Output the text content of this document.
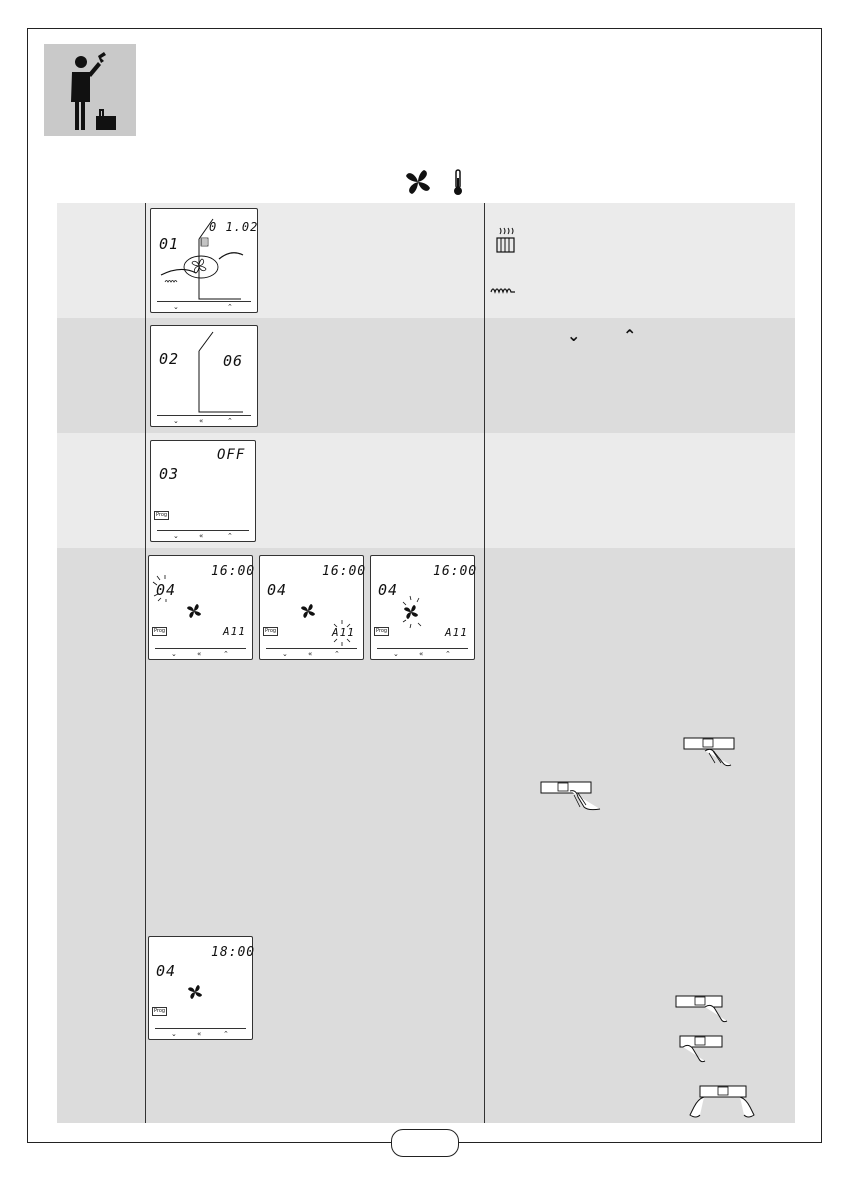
01
0 1.02
⌄	⌃
02	06
⌄	«	⌃
03
OFF
Prog
⌄	«	⌃
04
16:00
A11
Prog
⌄	«	⌃
04
16:00
A11
Prog
⌄	«	⌃
04
16:00
A11
Prog
⌄	«	⌃
04
18:00
Prog
⌄	«	⌃
⌄	⌃
